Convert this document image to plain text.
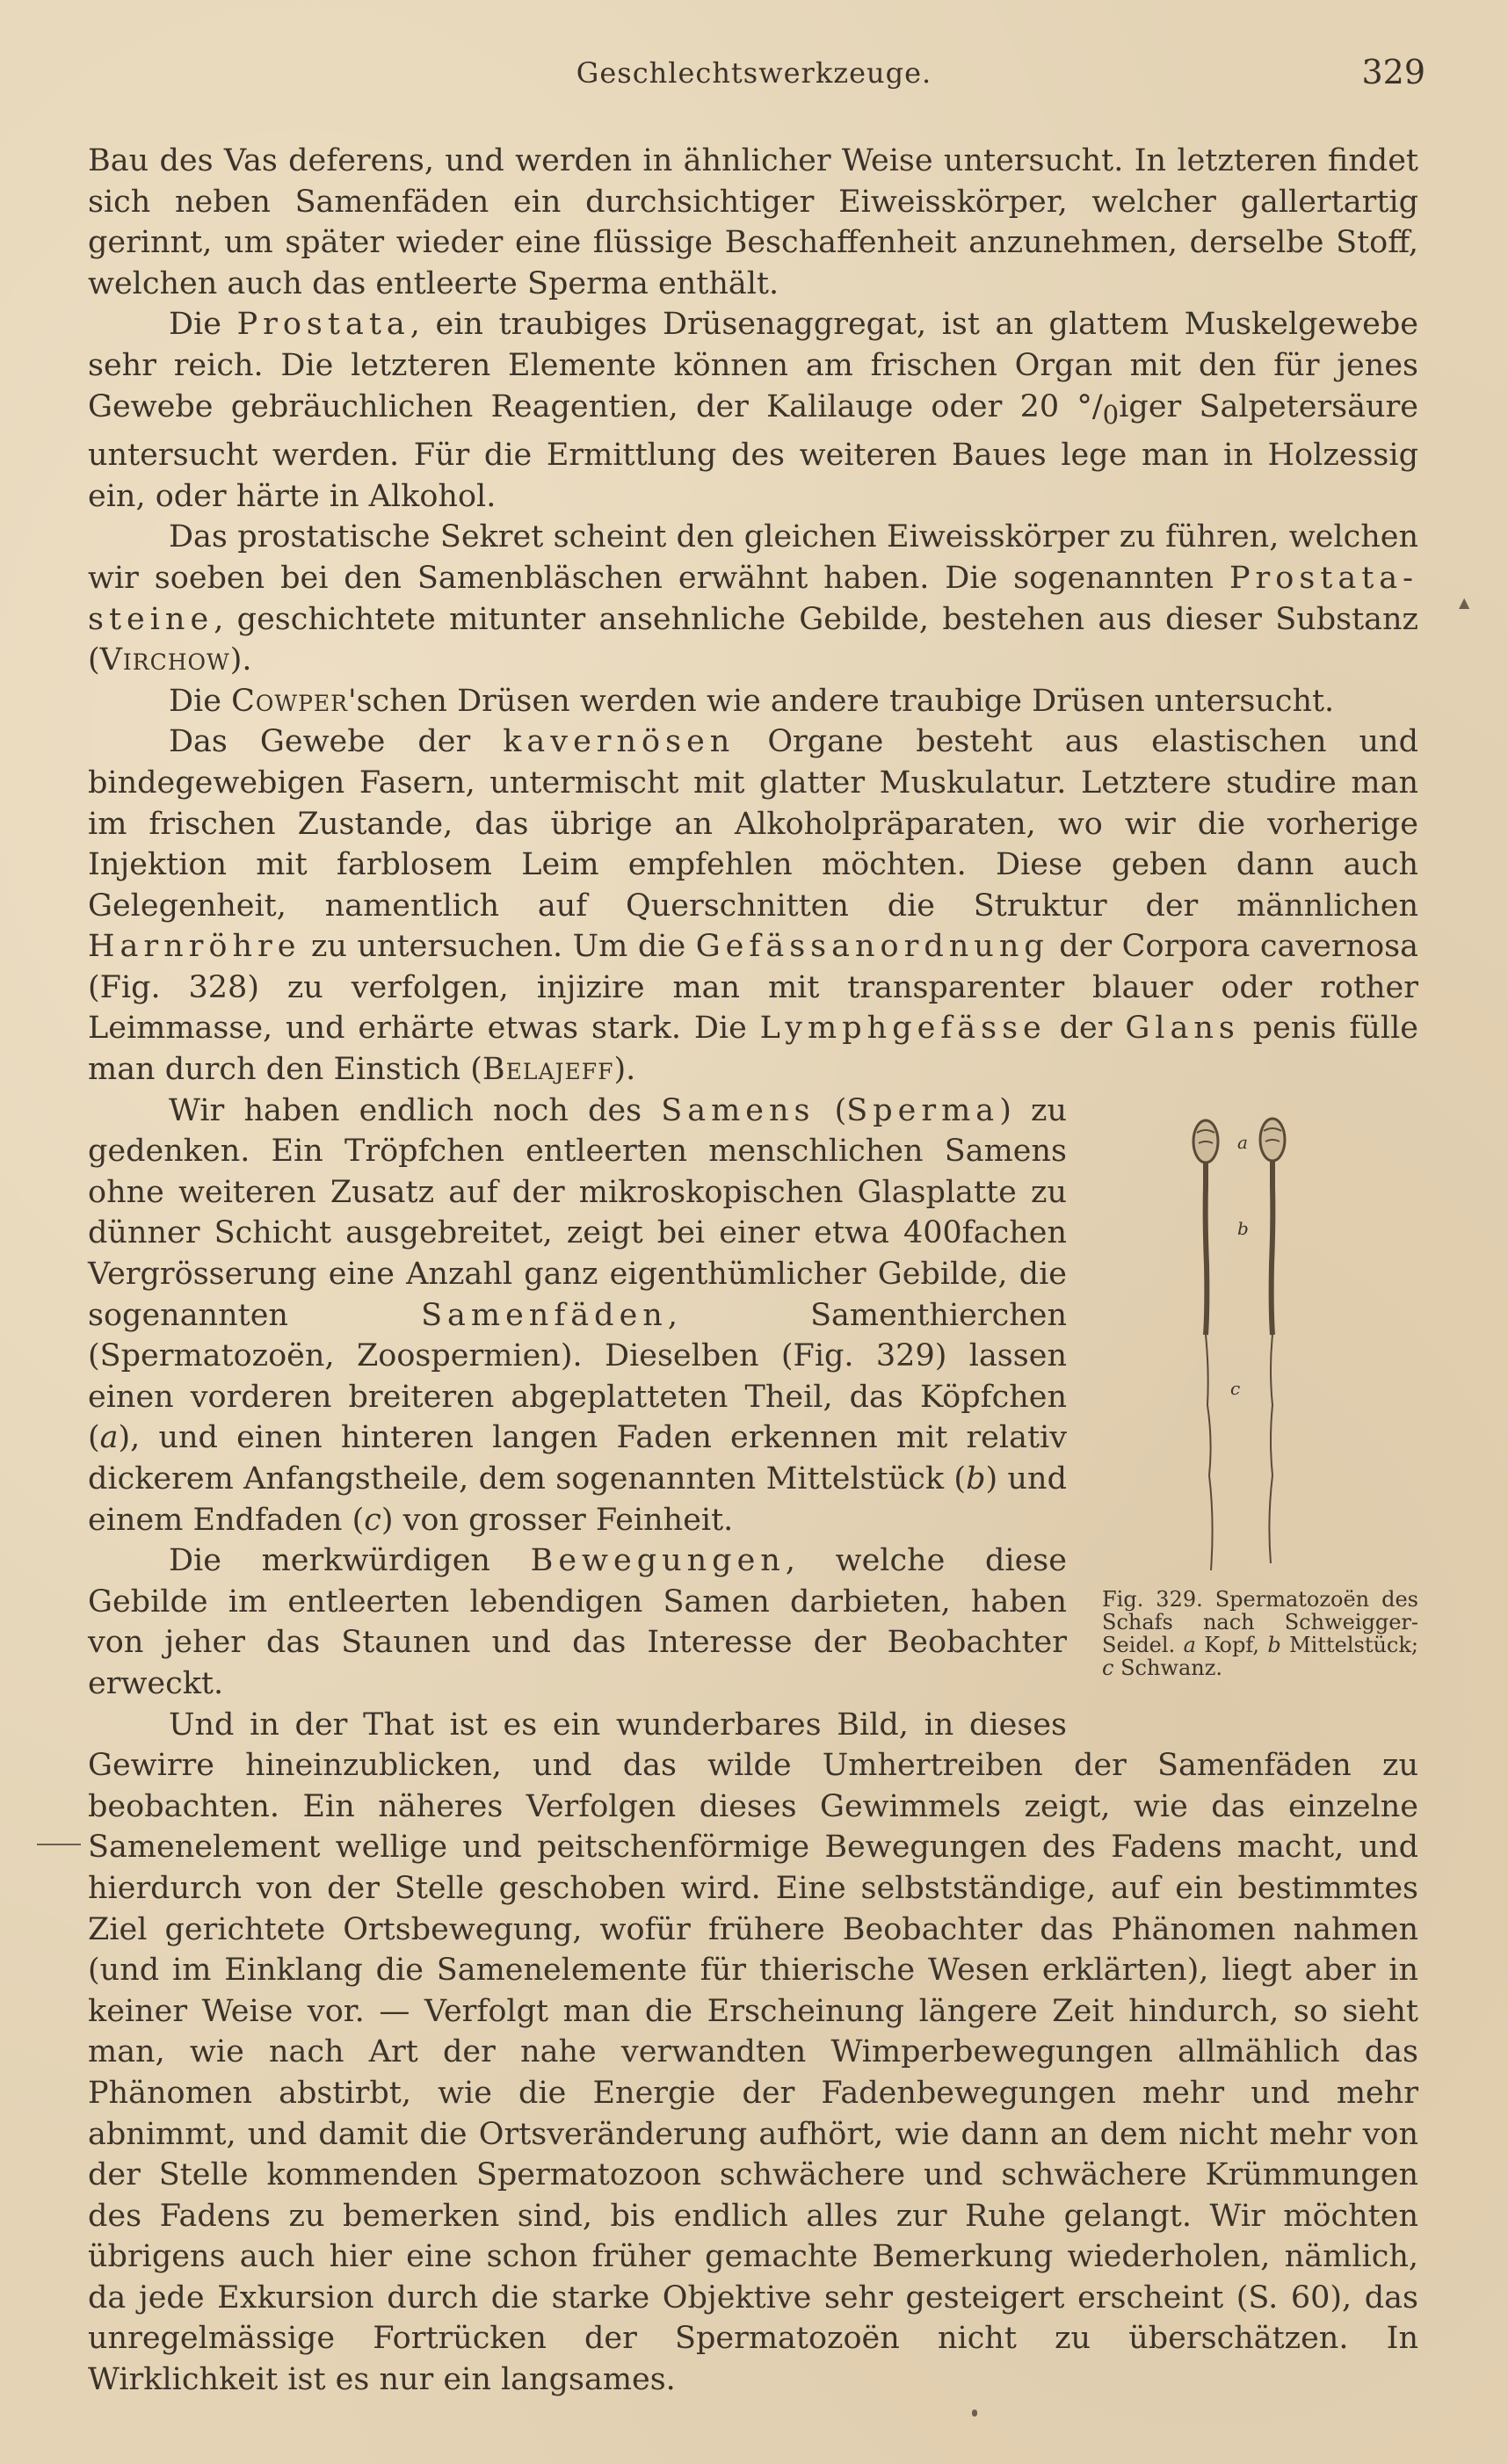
Geschlechtswerkzeuge.	329
▲

Bau des Vas deferens, und werden in ähnlicher Weise untersucht. In letzteren findet sich neben Samenfäden ein durchsichtiger Eiweisskörper, welcher gallertartig gerinnt, um später wieder eine flüssige Beschaffenheit anzunehmen, derselbe Stoff, welchen auch das entleerte Sperma enthält.

Die Prostata, ein traubiges Drüsenaggregat, ist an glattem Muskelgewebe sehr reich. Die letzteren Elemente können am frischen Organ mit den für jenes Gewebe gebräuchlichen Reagentien, der Kalilauge oder 20 $^\circ/_0iger$ Salpetersäure untersucht werden. Für die Ermittlung des weiteren Baues lege man in Holzessig ein, oder härte in Alkohol.

Das prostatische Sekret scheint den gleichen Eiweisskörper zu führen, welchen wir soeben bei den Samenbläschen erwähnt haben. Die sogenannten Prostata-steine, geschichtete mitunter ansehnliche Gebilde, bestehen aus dieser Substanz (Virchow).

Die Cowper'schen Drüsen werden wie andere traubige Drüsen untersucht.

Das Gewebe der kavernösen Organe besteht aus elastischen und bindegewebigen Fasern, untermischt mit glatter Muskulatur. Letztere studire man im frischen Zustande, das übrige an Alkoholpräparaten, wo wir die vorherige Injektion mit farblosem Leim empfehlen möchten. Diese geben dann auch Gelegenheit, namentlich auf Querschnitten die Struktur der männlichen Harnröhre zu untersuchen. Um die Gefässanordnung der Corpora cavernosa (Fig. 328) zu verfolgen, injizire man mit transparenter blauer oder rother Leimmasse, und erhärte etwas stark. Die Lymphgefässe der Glans penis fülle man durch den Einstich (Belajeff).

a
b
c
Fig. 329. Spermatozoën des Schafs nach Schweigger-Seidel. a Kopf, b Mittelstück; c Schwanz.

Wir haben endlich noch des Samens (Sperma) zu gedenken. Ein Tröpfchen entleerten menschlichen Samens ohne weiteren Zusatz auf der mikroskopischen Glasplatte zu dünner Schicht ausgebreitet, zeigt bei einer etwa 400fachen Vergrösserung eine Anzahl ganz eigenthümlicher Gebilde, die sogenannten Samenfäden, Samenthierchen (Spermatozoën, Zoospermien). Dieselben (Fig. 329) lassen einen vorderen breiteren abgeplatteten Theil, das Köpfchen (a), und einen hinteren langen Faden erkennen mit relativ dickerem Anfangstheile, dem sogenannten Mittelstück (b) und einem Endfaden (c) von grosser Feinheit.

Die merkwürdigen Bewegungen, welche diese Gebilde im entleerten lebendigen Samen darbieten, haben von jeher das Staunen und das Interesse der Beobachter erweckt.

Und in der That ist es ein wunderbares Bild, in dieses Gewirre hineinzublicken, und das wilde Umhertreiben der Samenfäden zu beobachten. Ein näheres Verfolgen dieses Gewimmels zeigt, wie das einzelne Samenelement wellige und peitschenförmige Bewegungen des Fadens macht, und hierdurch von der Stelle geschoben wird. Eine selbstständige, auf ein bestimmtes Ziel gerichtete Ortsbewegung, wofür frühere Beobachter das Phänomen nahmen (und im Einklang die Samenelemente für thierische Wesen erklärten), liegt aber in keiner Weise vor. — Verfolgt man die Erscheinung längere Zeit hindurch, so sieht man, wie nach Art der nahe verwandten Wimperbewegungen allmählich das Phänomen abstirbt, wie die Energie der Fadenbewegungen mehr und mehr abnimmt, und damit die Ortsveränderung aufhört, wie dann an dem nicht mehr von der Stelle kommenden Spermatozoon schwächere und schwächere Krümmungen des Fadens zu bemerken sind, bis endlich alles zur Ruhe gelangt. Wir möchten übrigens auch hier eine schon früher gemachte Bemerkung wiederholen, nämlich, da jede Exkursion durch die starke Objektive sehr gesteigert erscheint (S. 60), das unregelmässige Fortrücken der Spermatozoën nicht zu überschätzen. In Wirklichkeit ist es nur ein langsames.
